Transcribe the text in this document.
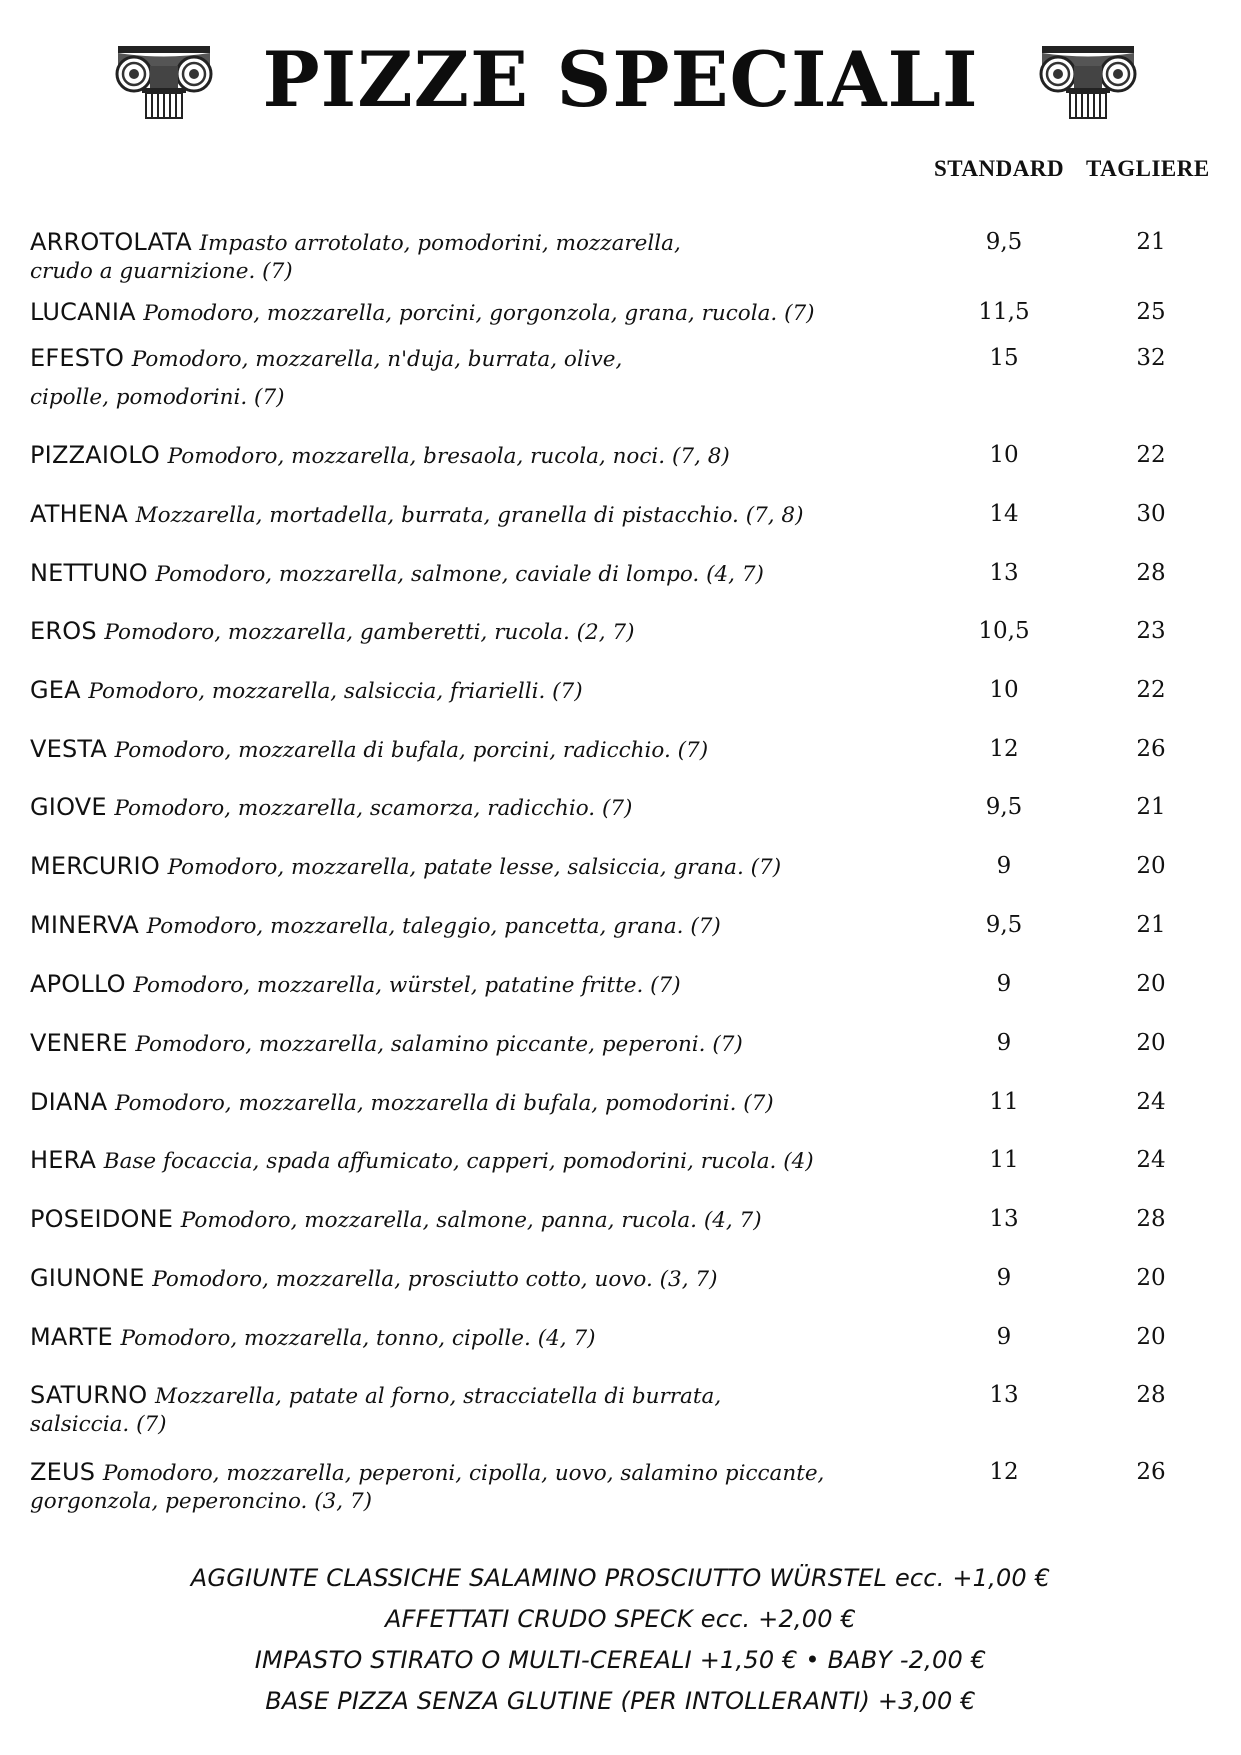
PIZZE SPECIALI
STANDARD TAGLIERE
ARROTOLATA Impasto arrotolato, pomodorini, mozzarella,
crudo a guarnizione. (7)
9,5	21
LUCANIA Pomodoro, mozzarella, porcini, gorgonzola, grana, rucola. (7)	11,5	25
EFESTO Pomodoro, mozzarella, n'duja, burrata, olive,
cipolle, pomodorini. (7)
15	32
PIZZAIOLO Pomodoro, mozzarella, bresaola, rucola, noci. (7, 8)	10	22
ATHENA Mozzarella, mortadella, burrata, granella di pistacchio. (7, 8)	14	30
NETTUNO Pomodoro, mozzarella, salmone, caviale di lompo. (4, 7)	13	28
EROS Pomodoro, mozzarella, gamberetti, rucola. (2, 7)	10,5	23
GEA Pomodoro, mozzarella, salsiccia, friarielli. (7)	10	22
VESTA Pomodoro, mozzarella di bufala, porcini, radicchio. (7)	12	26
GIOVE Pomodoro, mozzarella, scamorza, radicchio. (7)	9,5	21
MERCURIO Pomodoro, mozzarella, patate lesse, salsiccia, grana. (7)	9	20
MINERVA Pomodoro, mozzarella, taleggio, pancetta, grana. (7)	9,5	21
APOLLO Pomodoro, mozzarella, würstel, patatine fritte. (7)	9	20
VENERE Pomodoro, mozzarella, salamino piccante, peperoni. (7)	9	20
DIANA Pomodoro, mozzarella, mozzarella di bufala, pomodorini. (7)	11	24
HERA Base focaccia, spada affumicato, capperi, pomodorini, rucola. (4)	11	24
POSEIDONE Pomodoro, mozzarella, salmone, panna, rucola. (4, 7)	13	28
GIUNONE Pomodoro, mozzarella, prosciutto cotto, uovo. (3, 7)	9	20
MARTE Pomodoro, mozzarella, tonno, cipolle. (4, 7)	9	20
SATURNO Mozzarella, patate al forno, stracciatella di burrata,
salsiccia. (7)
13	28
ZEUS Pomodoro, mozzarella, peperoni, cipolla, uovo, salamino piccante,
gorgonzola, peperoncino. (3, 7)
12	26
AGGIUNTE CLASSICHE SALAMINO PROSCIUTTO WÜRSTEL ecc. +1,00 €
AFFETTATI CRUDO SPECK ecc. +2,00 €
IMPASTO STIRATO O MULTI-CEREALI +1,50 € • BABY -2,00 €
BASE PIZZA SENZA GLUTINE (PER INTOLLERANTI) +3,00 €
